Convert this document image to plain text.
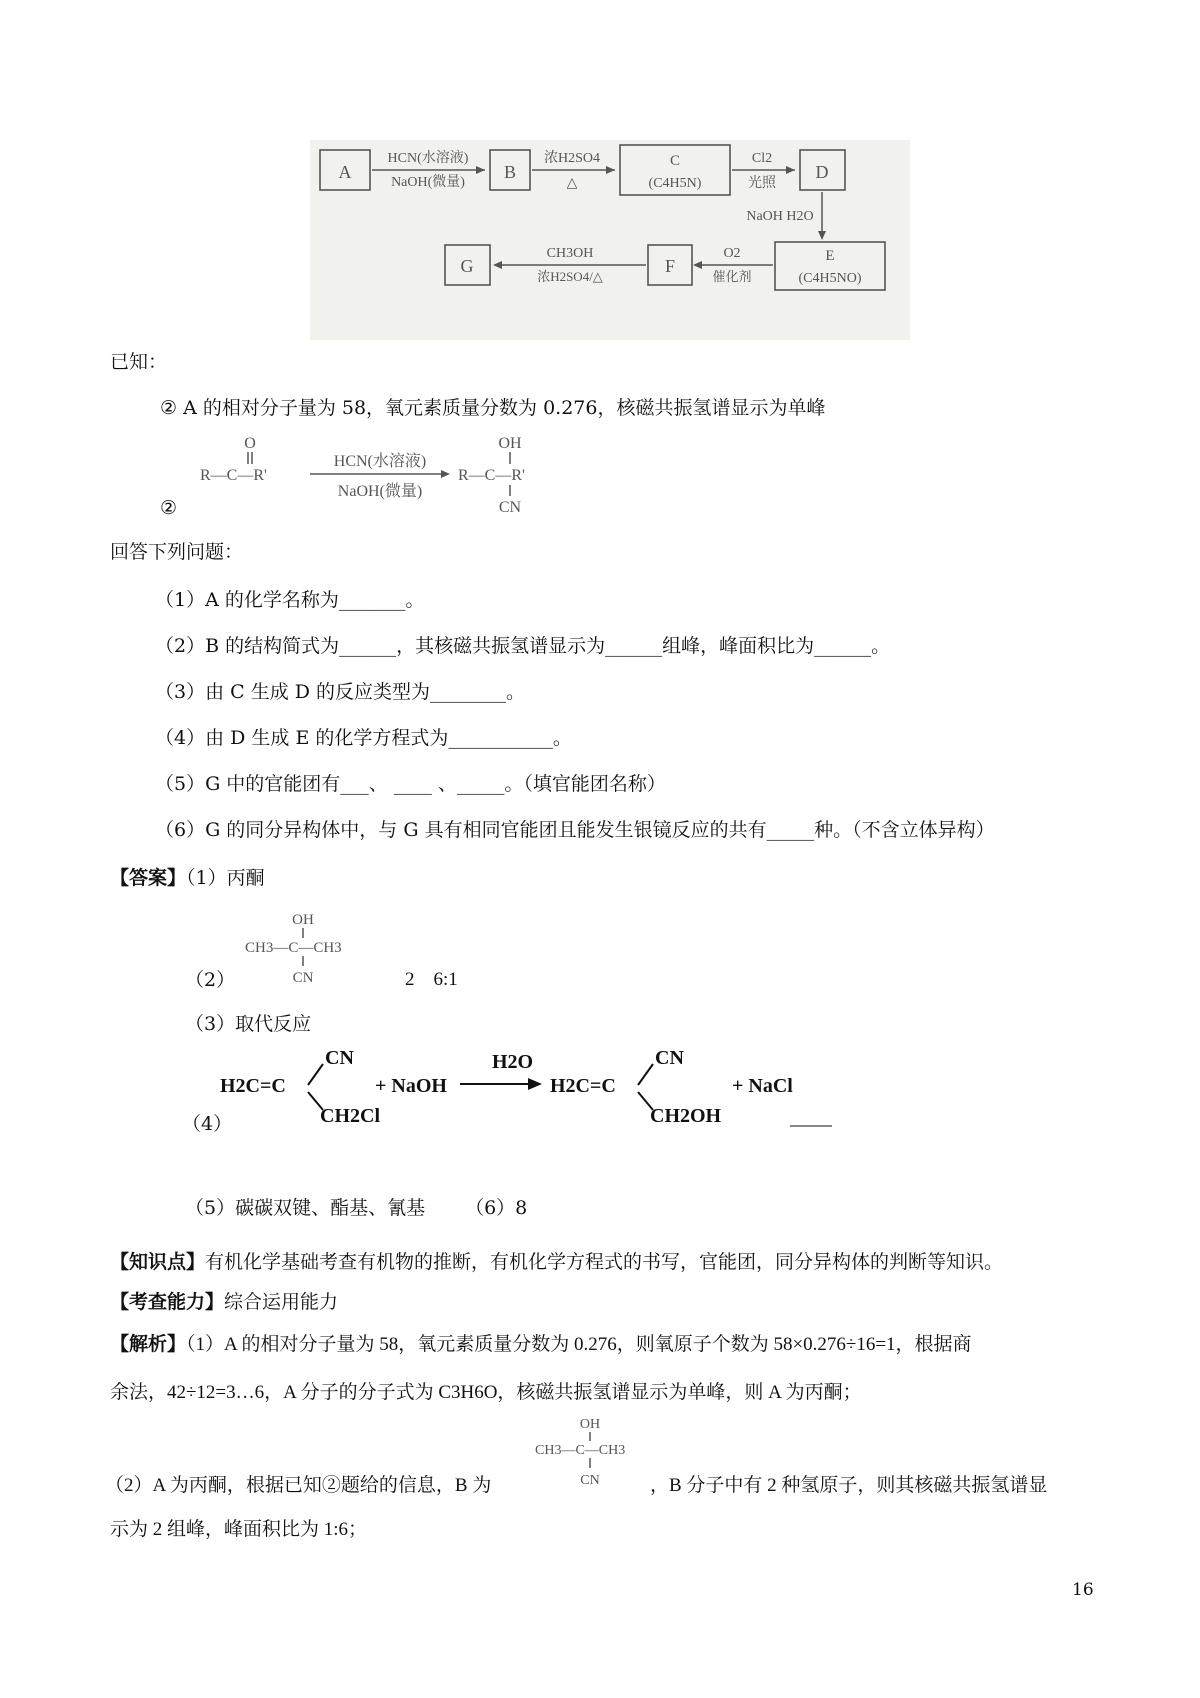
A
HCN(水溶液)
NaOH(微量)
B
浓H2SO4
△
C
(C4H5N)
Cl2
光照
D
NaOH H2O
E
(C4H5NO)
O2
催化剂
F
CH3OH
浓H2SO4/△
G
已知：
② A 的相对分子量为 58，氧元素质量分数为 0.276，核磁共振氢谱显示为单峰
O
R—C—R'
HCN(水溶液)
NaOH(微量)
OH
R—C—R'
CN
②
回答下列问题：
（1）A 的化学名称为_______。
（2）B 的结构简式为______，其核磁共振氢谱显示为______组峰，峰面积比为______。
（3）由 C 生成 D 的反应类型为________。
（4）由 D 生成 E 的化学方程式为___________。
（5）G 中的官能团有___、 ____ 、_____。（填官能团名称）
（6）G 的同分异构体中，与 G 具有相同官能团且能发生银镜反应的共有_____种。（不含立体异构）
【答案】（1）丙酮
OH
CH3—C—CH3
CN
（2）	2    6:1
（3）取代反应
CN
H2C=C
CH2Cl
+ NaOH
H2O	CN
H2C=C
CH2OH
+ NaCl
（4）
（5）碳碳双键、酯基、氰基 （6）8
【知识点】有机化学基础考查有机物的推断，有机化学方程式的书写，官能团，同分异构体的判断等知识。
【考查能力】综合运用能力
【解析】（1）A 的相对分子量为 58，氧元素质量分数为 0.276，则氧原子个数为 58×0.276÷16=1，根据商
余法，42÷12=3…6，A 分子的分子式为 C3H6O，核磁共振氢谱显示为单峰，则 A 为丙酮；
OH
CH3—C—CH3
CN
（2）A 为丙酮，根据已知②题给的信息，B 为	，B 分子中有 2 种氢原子，则其核磁共振氢谱显
示为 2 组峰，峰面积比为 1:6；
16
